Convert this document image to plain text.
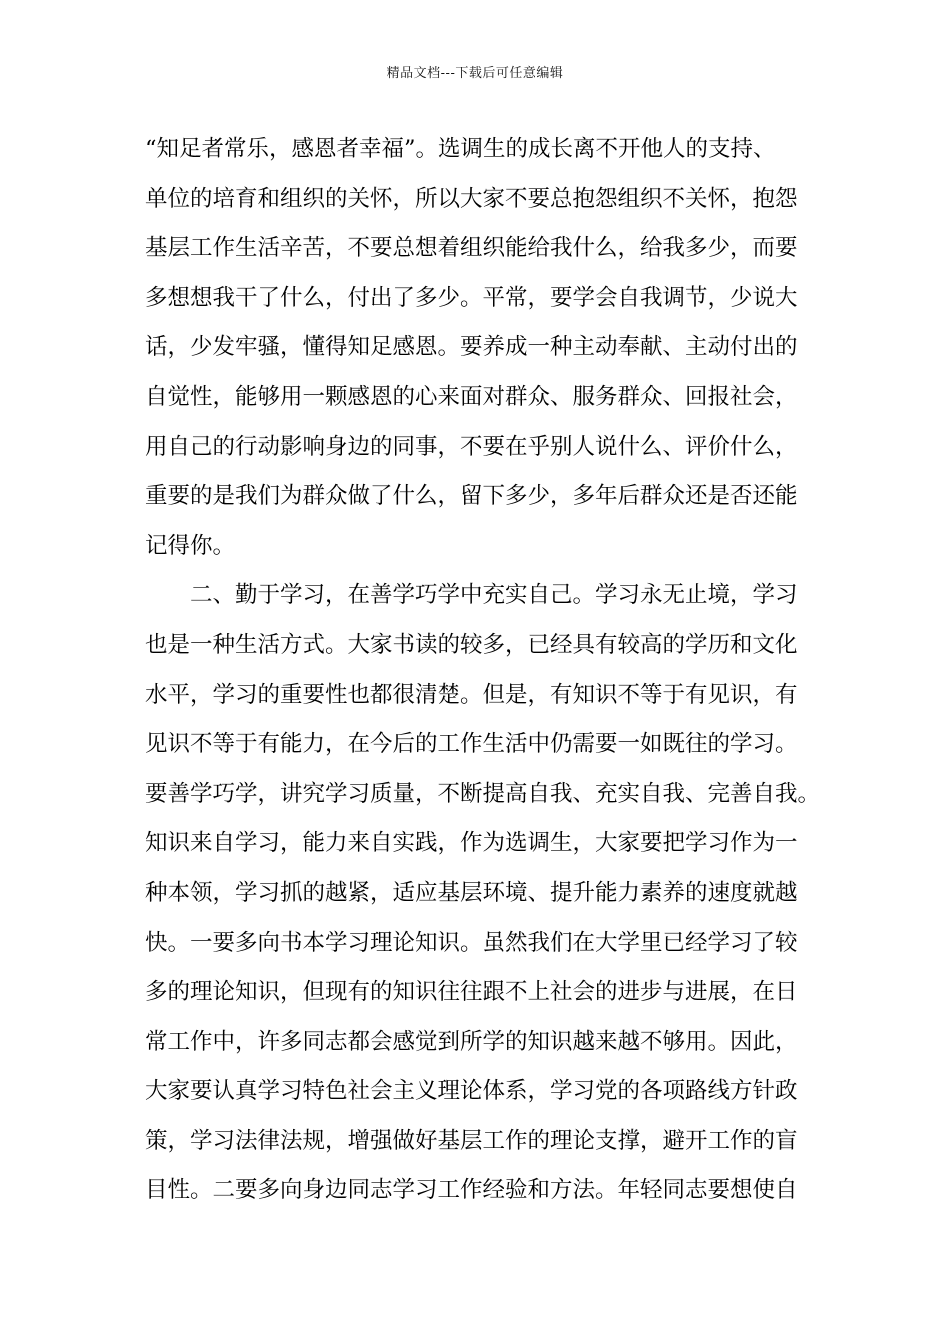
精品文档---下载后可任意编辑
“知足者常乐，感恩者幸福”。选调生的成长离不开他人的支持、
单位的培育和组织的关怀，所以大家不要总抱怨组织不关怀，抱怨
基层工作生活辛苦，不要总想着组织能给我什么，给我多少，而要
多想想我干了什么，付出了多少。平常，要学会自我调节，少说大
话，少发牢骚，懂得知足感恩。要养成一种主动奉献、主动付出的
自觉性，能够用一颗感恩的心来面对群众、服务群众、回报社会，
用自己的行动影响身边的同事，不要在乎别人说什么、评价什么，
重要的是我们为群众做了什么，留下多少，多年后群众还是否还能
记得你。
二、勤于学习，在善学巧学中充实自己。学习永无止境，学习
也是一种生活方式。大家书读的较多，已经具有较高的学历和文化
水平，学习的重要性也都很清楚。但是，有知识不等于有见识，有
见识不等于有能力，在今后的工作生活中仍需要一如既往的学习。
要善学巧学，讲究学习质量，不断提高自我、充实自我、完善自我。
知识来自学习，能力来自实践，作为选调生，大家要把学习作为一
种本领，学习抓的越紧，适应基层环境、提升能力素养的速度就越
快。一要多向书本学习理论知识。虽然我们在大学里已经学习了较
多的理论知识，但现有的知识往往跟不上社会的进步与进展，在日
常工作中，许多同志都会感觉到所学的知识越来越不够用。因此，
大家要认真学习特色社会主义理论体系，学习党的各项路线方针政
策，学习法律法规，增强做好基层工作的理论支撑，避开工作的盲
目性。二要多向身边同志学习工作经验和方法。年轻同志要想使自
